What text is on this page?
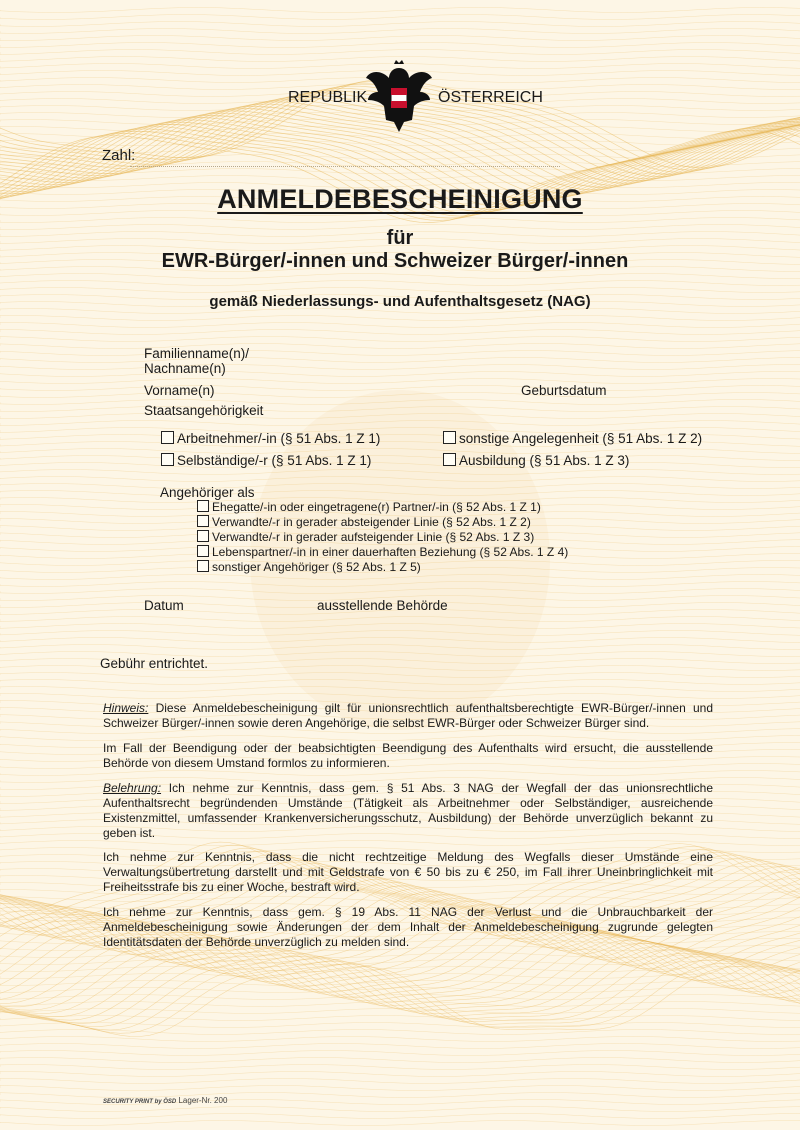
REPUBLIK	ÖSTERREICH
Zahl:
ANMELDEBESCHEINIGUNG
für
EWR-Bürger/-innen und Schweizer Bürger/-innen
gemäß Niederlassungs- und Aufenthaltsgesetz (NAG)
Familienname(n)/
Nachname(n)
Vorname(n)	Geburtsdatum
Staatsangehörigkeit
Arbeitnehmer/-in (§ 51 Abs. 1 Z 1)	sonstige Angelegenheit (§ 51 Abs. 1 Z 2)
Selbständige/-r (§ 51 Abs. 1 Z 1)	Ausbildung (§ 51 Abs. 1 Z 3)
Angehöriger als
Ehegatte/-in oder eingetragene(r) Partner/-in (§ 52 Abs. 1 Z 1)
Verwandte/-r in gerader absteigender Linie (§ 52 Abs. 1 Z 2)
Verwandte/-r in gerader aufsteigender Linie (§ 52 Abs. 1 Z 3)
Lebenspartner/-in in einer dauerhaften Beziehung (§ 52 Abs. 1 Z 4)
sonstiger Angehöriger (§ 52 Abs. 1 Z 5)
Datum	ausstellende Behörde
Gebühr entrichtet.

Hinweis: Diese Anmeldebescheinigung gilt für unionsrechtlich aufenthaltsberechtigte EWR-Bürger/-innen und Schweizer Bürger/-innen sowie deren Angehörige, die selbst EWR-Bürger oder Schweizer Bürger sind.

Im Fall der Beendigung oder der beabsichtigten Beendigung des Aufenthalts wird ersucht, die ausstellende Behörde von diesem Umstand formlos zu informieren.

Belehrung: Ich nehme zur Kenntnis, dass gem. § 51 Abs. 3 NAG der Wegfall der das unionsrechtliche Aufenthaltsrecht begründenden Umstände (Tätigkeit als Arbeitnehmer oder Selbständiger, ausreichende Existenzmittel, umfassender Krankenversicherungsschutz, Ausbildung) der Behörde unverzüglich bekannt zu geben ist.

Ich nehme zur Kenntnis, dass die nicht rechtzeitige Meldung des Wegfalls dieser Umstände eine Verwaltungsübertretung darstellt und mit Geldstrafe von € 50 bis zu € 250, im Fall ihrer Uneinbringlichkeit mit Freiheitsstrafe bis zu einer Woche, bestraft wird.

Ich nehme zur Kenntnis, dass gem. § 19 Abs. 11 NAG der Verlust und die Unbrauchbarkeit der Anmeldebescheinigung sowie Änderungen der dem Inhalt der Anmeldebescheinigung zugrunde gelegten Identitätsdaten der Behörde unverzüglich zu melden sind.

SECURITY PRINT by ÖSD Lager-Nr. 200
